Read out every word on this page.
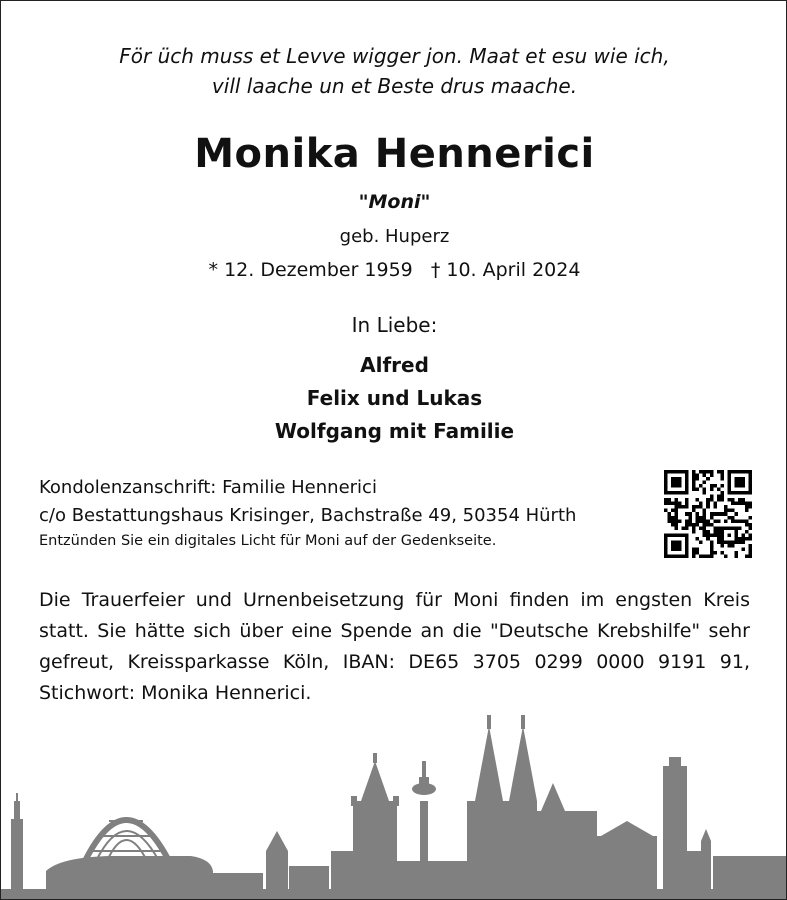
För üch muss et Levve wigger jon. Maat et esu wie ich,
vill laache un et Beste drus maache.
Monika Hennerici
"Moni"
geb. Huperz
* 12. Dezember 1959 † 10. April 2024
In Liebe:
Alfred
Felix und Lukas
Wolfgang mit Familie
Kondolenzanschrift: Familie Hennerici
c/o Bestattungshaus Krisinger, Bachstraße 49, 50354 Hürth
Entzünden Sie ein digitales Licht für Moni auf der Gedenkseite.
Die Trauerfeier und Urnenbeisetzung für Moni finden im engsten Kreis statt. Sie hätte sich über eine Spende an die "Deutsche Krebshilfe" sehr gefreut, Kreissparkasse Köln, IBAN: DE65 3705 0299 0000 9191 91, Stichwort: Monika Hennerici.
